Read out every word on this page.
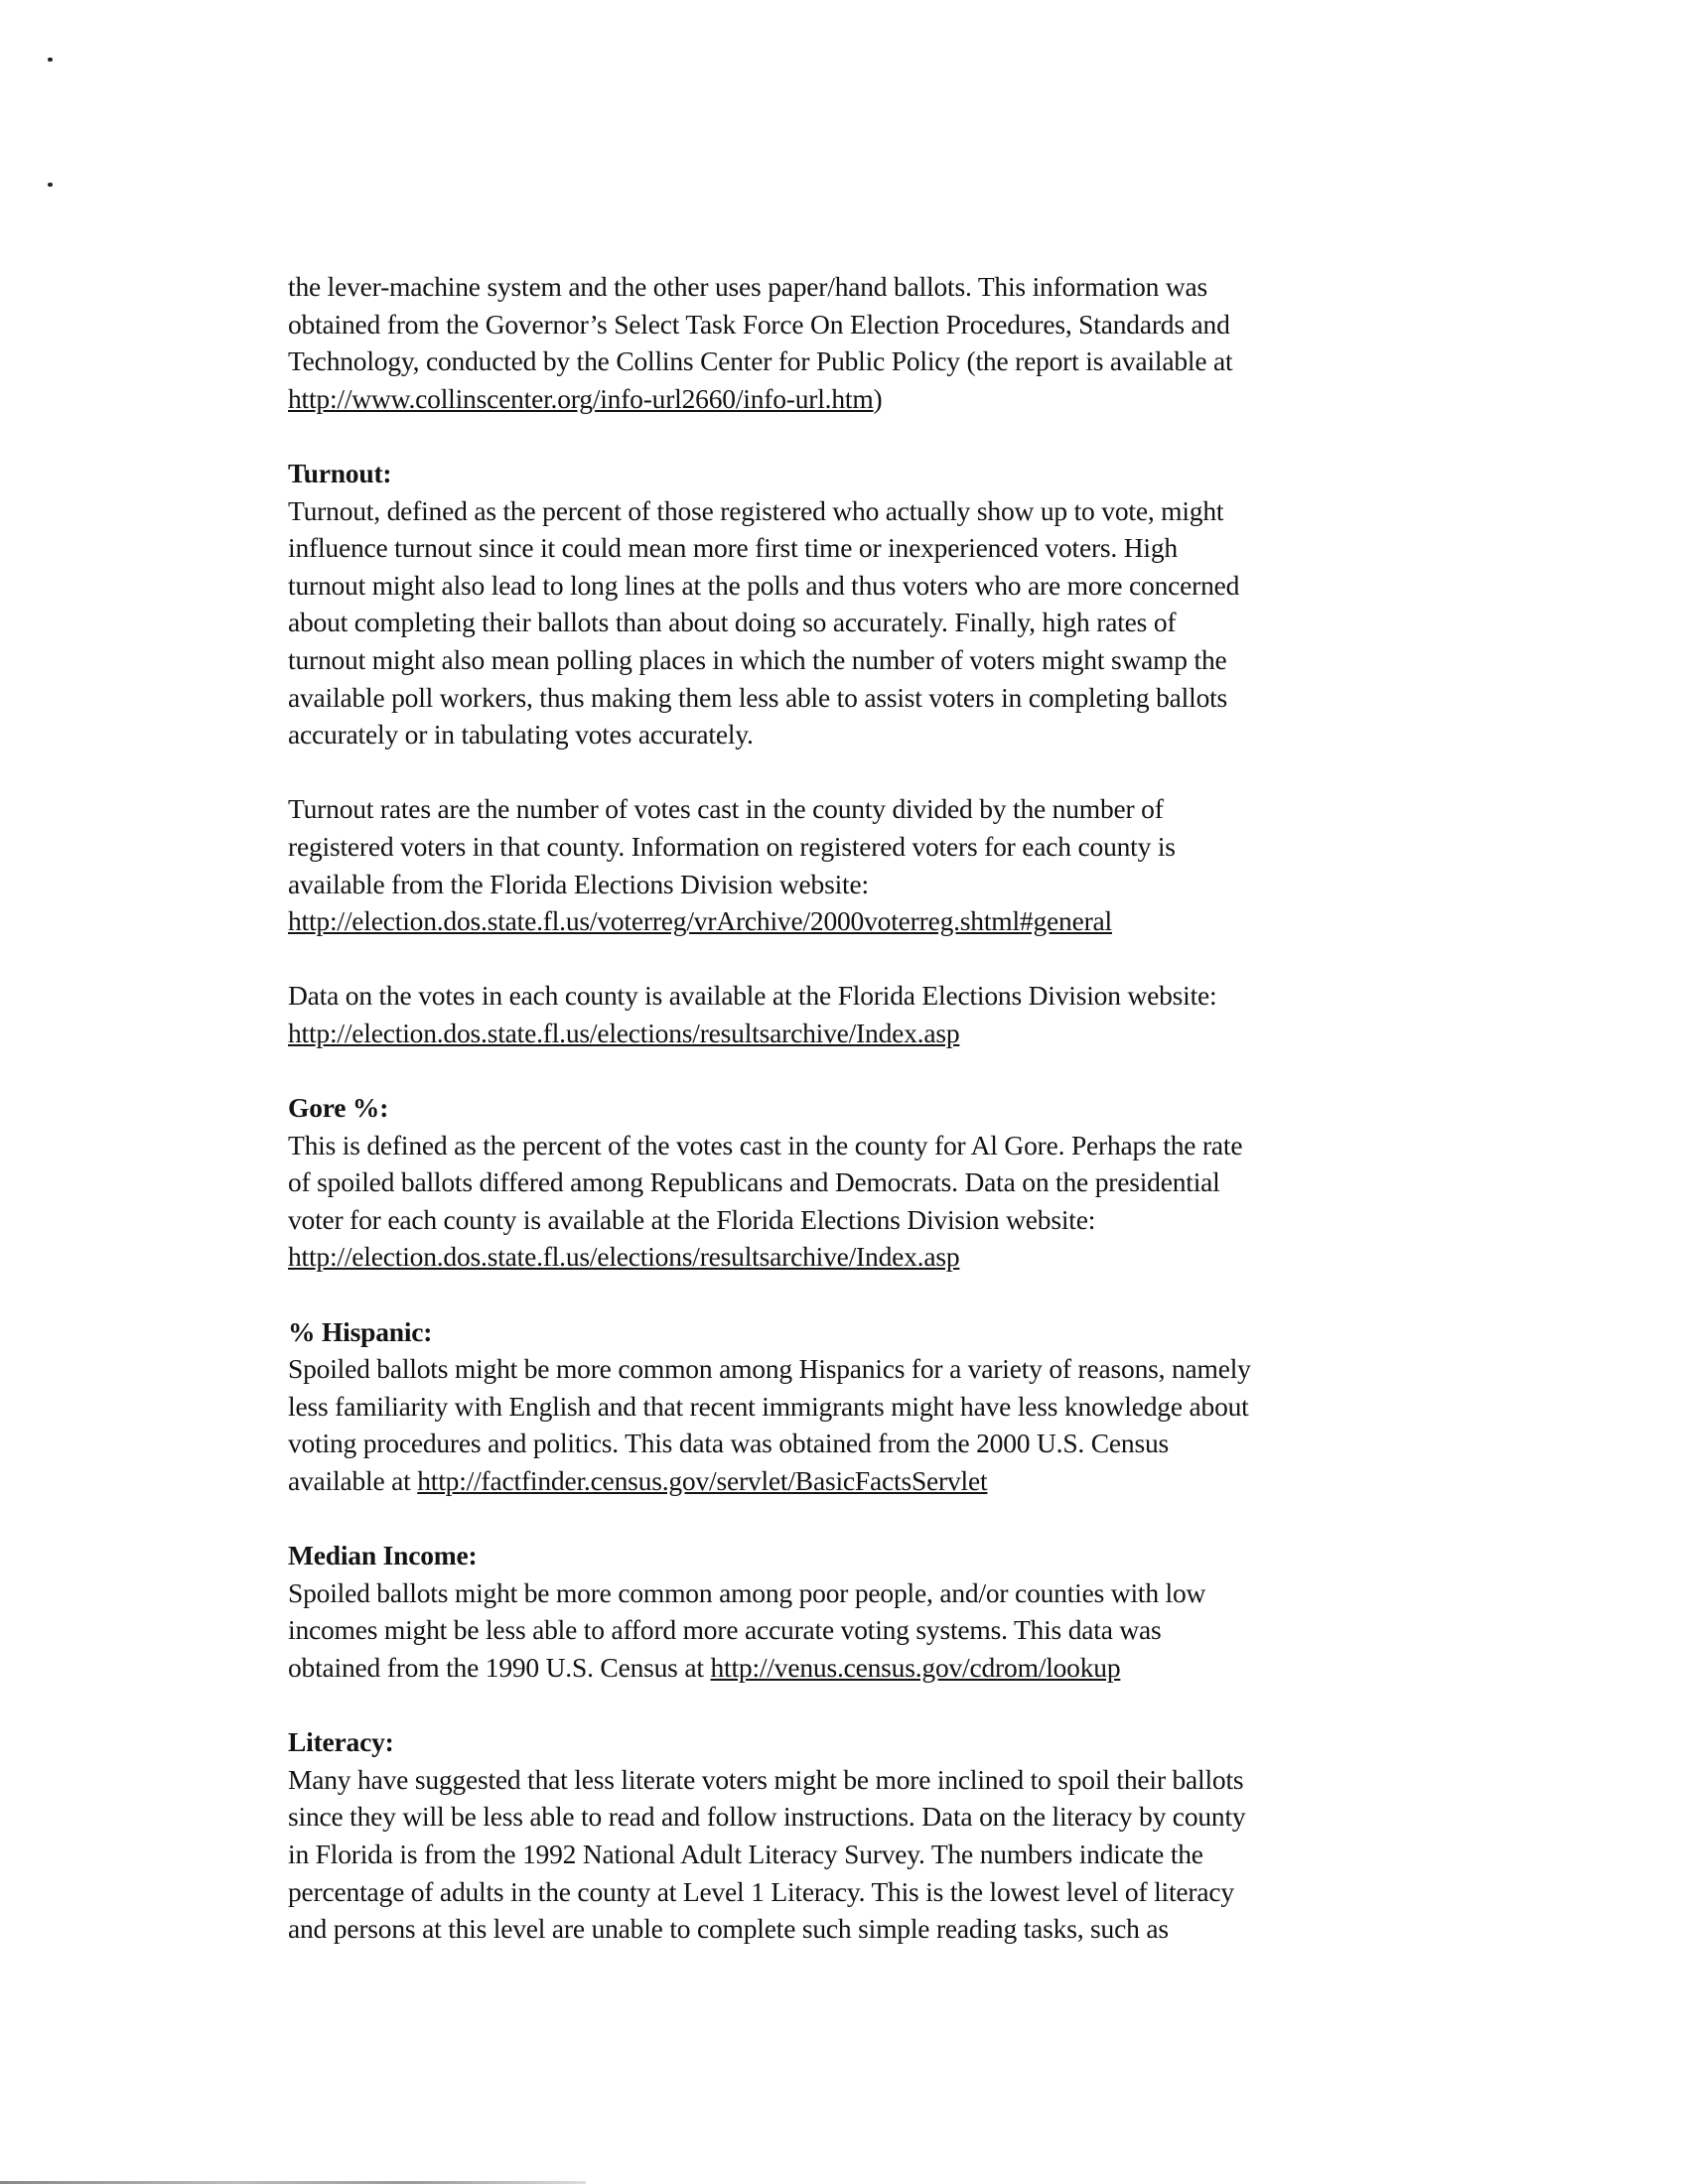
the lever-machine system and the other uses paper/hand ballots. This information was
obtained from the Governor’s Select Task Force On Election Procedures, Standards and
Technology, conducted by the Collins Center for Public Policy (the report is available at
http://www.collinscenter.org/info-url2660/info-url.htm)

Turnout:

Turnout, defined as the percent of those registered who actually show up to vote, might
influence turnout since it could mean more first time or inexperienced voters. High
turnout might also lead to long lines at the polls and thus voters who are more concerned
about completing their ballots than about doing so accurately. Finally, high rates of
turnout might also mean polling places in which the number of voters might swamp the
available poll workers, thus making them less able to assist voters in completing ballots
accurately or in tabulating votes accurately.

Turnout rates are the number of votes cast in the county divided by the number of
registered voters in that county. Information on registered voters for each county is
available from the Florida Elections Division website:
http://election.dos.state.fl.us/voterreg/vrArchive/2000voterreg.shtml#general

Data on the votes in each county is available at the Florida Elections Division website:
http://election.dos.state.fl.us/elections/resultsarchive/Index.asp

Gore %:

This is defined as the percent of the votes cast in the county for Al Gore. Perhaps the rate
of spoiled ballots differed among Republicans and Democrats. Data on the presidential
voter for each county is available at the Florida Elections Division website:
http://election.dos.state.fl.us/elections/resultsarchive/Index.asp

% Hispanic:

Spoiled ballots might be more common among Hispanics for a variety of reasons, namely
less familiarity with English and that recent immigrants might have less knowledge about
voting procedures and politics. This data was obtained from the 2000 U.S. Census
available at http://factfinder.census.gov/servlet/BasicFactsServlet

Median Income:

Spoiled ballots might be more common among poor people, and/or counties with low
incomes might be less able to afford more accurate voting systems. This data was
obtained from the 1990 U.S. Census at http://venus.census.gov/cdrom/lookup

Literacy:

Many have suggested that less literate voters might be more inclined to spoil their ballots
since they will be less able to read and follow instructions. Data on the literacy by county
in Florida is from the 1992 National Adult Literacy Survey. The numbers indicate the
percentage of adults in the county at Level 1 Literacy. This is the lowest level of literacy
and persons at this level are unable to complete such simple reading tasks, such as
